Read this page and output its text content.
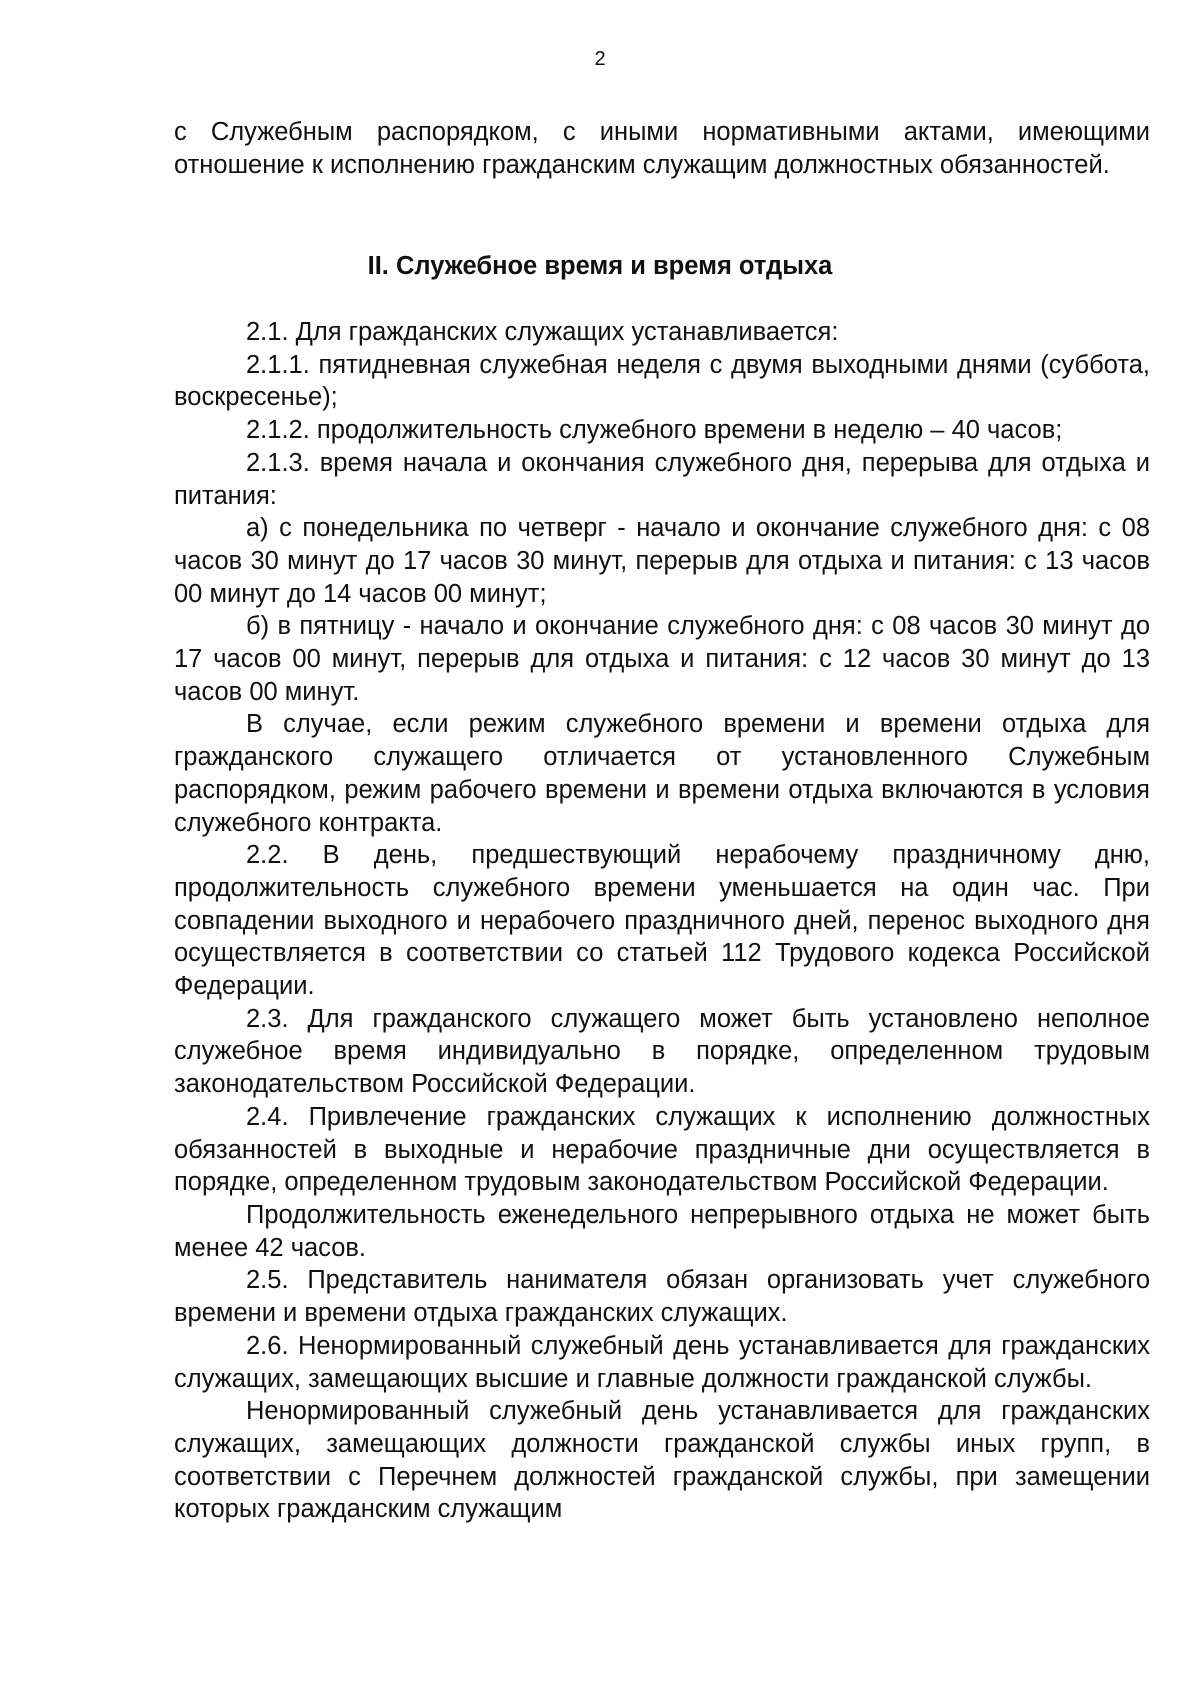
2

с Служебным распорядком, с иными нормативными актами, имеющими отношение к исполнению гражданским служащим должностных обязанностей.

II. Служебное время и время отдыха

2.1. Для гражданских служащих устанавливается:

2.1.1. пятидневная служебная неделя с двумя выходными днями (суббота, воскресенье);

2.1.2. продолжительность служебного времени в неделю – 40 часов;

2.1.3. время начала и окончания служебного дня, перерыва для отдыха и питания:

а) с понедельника по четверг - начало и окончание служебного дня: с 08 часов 30 минут до 17 часов 30 минут, перерыв для отдыха и питания: с 13 часов 00 минут до 14 часов 00 минут;

б) в пятницу - начало и окончание служебного дня: с 08 часов 30 минут до 17 часов 00 минут, перерыв для отдыха и питания: с 12 часов 30 минут до 13 часов 00 минут.

В случае, если режим служебного времени и времени отдыха для гражданского служащего отличается от установленного Служебным распорядком, режим рабочего времени и времени отдыха включаются в условия служебного контракта.

2.2. В день, предшествующий нерабочему праздничному дню, продолжительность служебного времени уменьшается на один час. При совпадении выходного и нерабочего праздничного дней, перенос выходного дня осуществляется в соответствии со статьей 112 Трудового кодекса Российской Федерации.

2.3. Для гражданского служащего может быть установлено неполное служебное время индивидуально в порядке, определенном трудовым законодательством Российской Федерации.

2.4. Привлечение гражданских служащих к исполнению должностных обязанностей в выходные и нерабочие праздничные дни осуществляется в порядке, определенном трудовым законодательством Российской Федерации.

Продолжительность еженедельного непрерывного отдыха не может быть менее 42 часов.

2.5. Представитель нанимателя обязан организовать учет служебного времени и времени отдыха гражданских служащих.

2.6. Ненормированный служебный день устанавливается для гражданских служащих, замещающих высшие и главные должности гражданской службы.

Ненормированный служебный день устанавливается для гражданских служащих, замещающих должности гражданской службы иных групп, в соответствии с Перечнем должностей гражданской службы, при замещении которых гражданским служащим
